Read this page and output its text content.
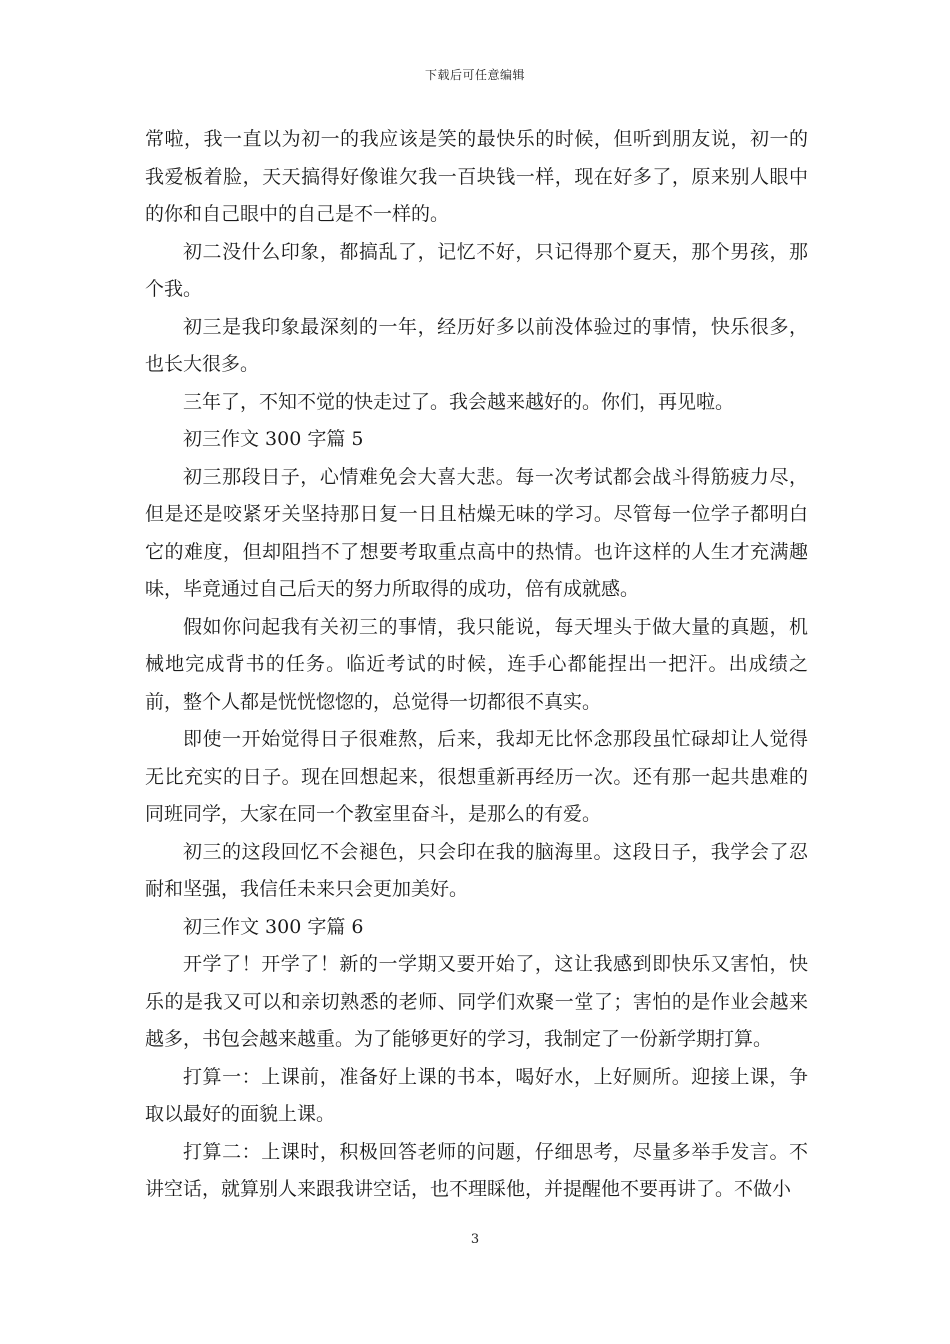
下载后可任意编辑

常啦，我一直以为初一的我应该是笑的最快乐的时候，但听到朋友说，初一的我爱板着脸，天天搞得好像谁欠我一百块钱一样，现在好多了，原来别人眼中的你和自己眼中的自己是不一样的。

初二没什么印象，都搞乱了，记忆不好，只记得那个夏天，那个男孩，那个我。

初三是我印象最深刻的一年，经历好多以前没体验过的事情，快乐很多，也长大很多。

三年了，不知不觉的快走过了。我会越来越好的。你们，再见啦。

初三作文 300 字篇 5

初三那段日子，心情难免会大喜大悲。每一次考试都会战斗得筋疲力尽，但是还是咬紧牙关坚持那日复一日且枯燥无味的学习。尽管每一位学子都明白它的难度，但却阻挡不了想要考取重点高中的热情。也许这样的人生才充满趣味，毕竟通过自己后天的努力所取得的成功，倍有成就感。

假如你问起我有关初三的事情，我只能说，每天埋头于做大量的真题，机械地完成背书的任务。临近考试的时候，连手心都能捏出一把汗。出成绩之前，整个人都是恍恍惚惚的，总觉得一切都很不真实。

即使一开始觉得日子很难熬，后来，我却无比怀念那段虽忙碌却让人觉得无比充实的日子。现在回想起来，很想重新再经历一次。还有那一起共患难的同班同学，大家在同一个教室里奋斗，是那么的有爱。

初三的这段回忆不会褪色，只会印在我的脑海里。这段日子，我学会了忍耐和坚强，我信任未来只会更加美好。

初三作文 300 字篇 6

开学了！开学了！新的一学期又要开始了，这让我感到即快乐又害怕，快乐的是我又可以和亲切熟悉的老师、同学们欢聚一堂了；害怕的是作业会越来越多，书包会越来越重。为了能够更好的学习，我制定了一份新学期打算。

打算一：上课前，准备好上课的书本，喝好水，上好厕所。迎接上课，争取以最好的面貌上课。

打算二：上课时，积极回答老师的问题，仔细思考，尽量多举手发言。不讲空话，就算别人来跟我讲空话，也不理睬他，并提醒他不要再讲了。不做小

3
